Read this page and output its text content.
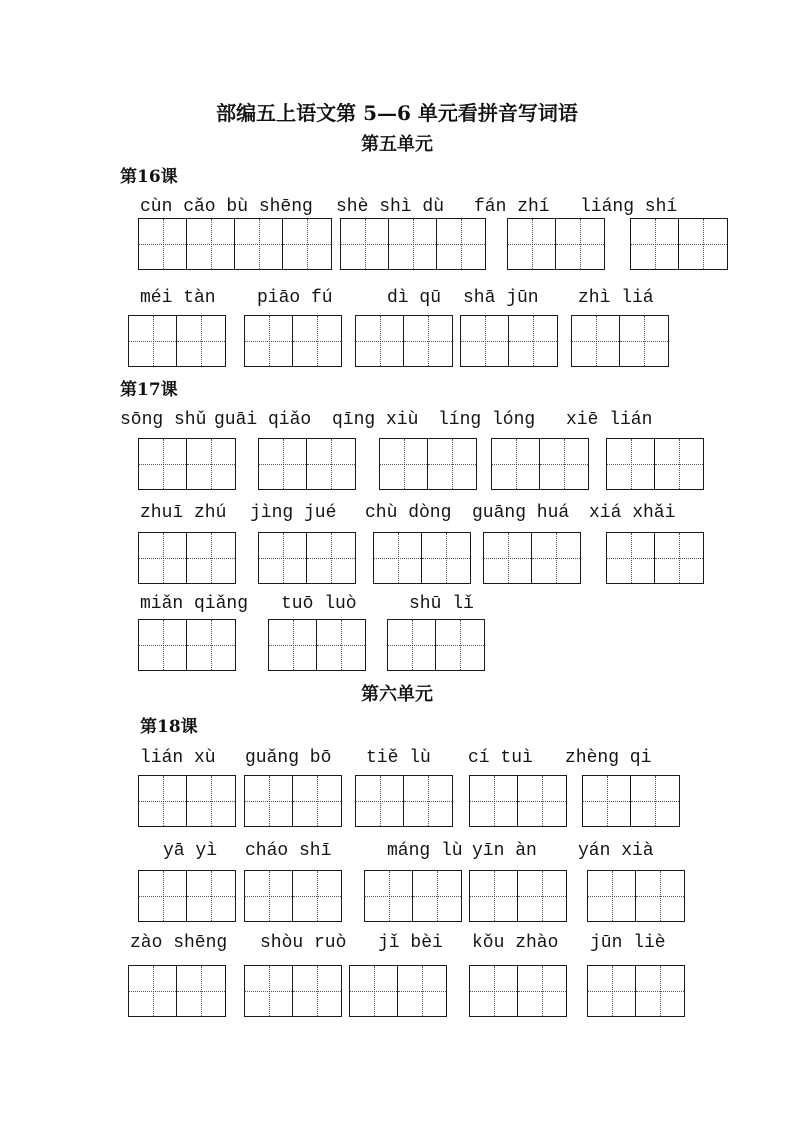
部编五上语文第 5—6 单元看拼音写词语
第五单元
第16课
cùn cǎo bù shēng shè shì dù fán zhí liáng shí
méi tàn piāo fú	dì qū shā jūn zhì liá
第17课
sōng shǔ guāi qiǎo qīng xiù líng lóng xiē lián
zhuī zhú jìng jué chù dòng guāng huá xiá xhǎi
miǎn qiǎng tuō luò	shū lǐ
第六单元
第18课
lián xù guǎng bō tiě lù cí tuì zhèng qi
yā yì cháo shī	máng lù yīn àn yán xià
zào shēng shòu ruò jǐ bèi kǒu zhào jūn liè
